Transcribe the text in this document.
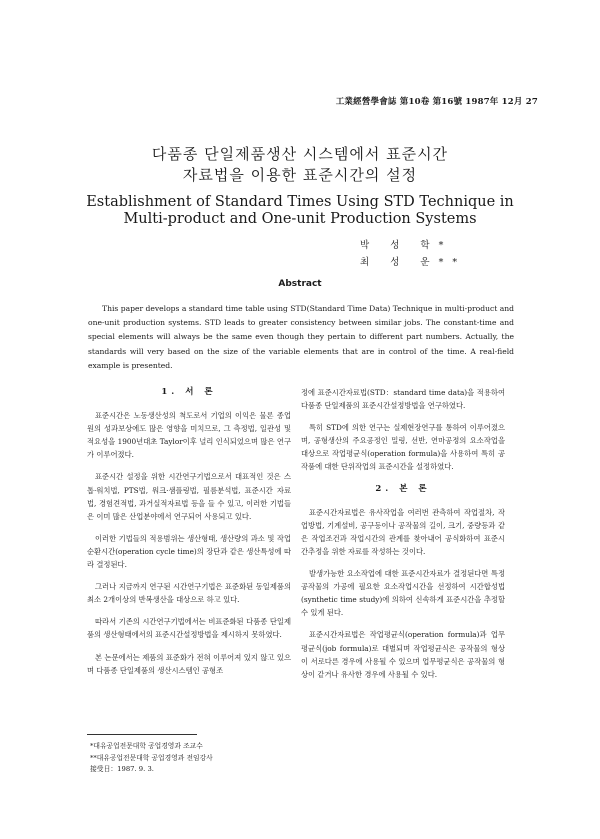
工業經營學會誌 第10卷 第16號 1987年 12月 27
다품종 단일제품생산 시스템에서 표준시간
자료법을 이용한 표준시간의 설정
Establishment of Standard Times Using STD Technique in
Multi-product and One-unit Production Systems
박 성 학*
최 성 운**
Abstract
This paper develops a standard time table using STD(Standard Time Data) Technique in multi-product and one-unit production systems. STD leads to greater consistency between similar jobs. The constant-time and special elements will always be the same even though they pertain to different part numbers. Actually, the standards will very based on the size of the variable elements that are in control of the time. A real-field example is presented.
1. 서 론

표준시간은 노동생산성의 척도로서 기업의 이익은 물론 종업원의 성과보상에도 많은 영향을 미치므로, 그 측정법, 일관성 및 적요성을 1900년대초 Taylor이후 널리 인식되었으며 많은 연구가 이루어졌다.

표준시간 설정을 위한 시간연구기법으로서 대표적인 것은 스톱·워치법, PTS법, 워크·샘플링법, 필름분석법, 표준시간 자료법, 경험견적법, 과거실적자료법 등을 들 수 있고, 이러한 기법들은 이미 많은 산업분야에서 연구되어 사용되고 있다.

이러한 기법들의 적용범위는 생산형태, 생산량의 과소 및 작업순환시간(operation cycle time)의 장단과 같은 생산특성에 따라 결정된다.

그러나 지금까지 연구된 시간연구기법은 표준화된 동일제품의 최소 2개이상의 반복생산을 대상으로 하고 있다.

따라서 기존의 시간연구기법에서는 비표준화된 다품종 단일제품의 생산형태에서의 표준시간설정방법을 제시하지 못하였다.

본 논문에서는 제품의 표준화가 전혀 이루어져 있지 않고 있으며 다품종 단일제품의 생산시스템인 공형조

정에 표준시간자료법(STD：standard time data)을 적용하여 다품종 단일제품의 표준시간설정방법을 연구하였다.

특히 STD에 의한 연구는 실제현장연구를 통하여 이루어졌으며, 공형생산의 주요공정인 밀링, 선반, 연마공정의 요소작업을 대상으로 작업평균식(operation formula)을 사용하여 특히 공작품에 대한 단위작업의 표준시간을 설정하였다.

2. 본 론

표준시간자료법은 유사작업을 여러번 관측하여 작업절차, 작업방법, 기계설비, 공구등이나 공작물의 길이, 크기, 중량등과 같은 작업조건과 작업시간의 관계를 찾아내어 공식화하여 표준시간추정을 위한 자료를 작성하는 것이다.

발생가능한 요소작업에 대한 표준시간자료가 결정된다면 특정공작물의 가공에 필요한 요소작업시간을 선정하여 시간합성법(synthetic time study)에 의하여 신속하게 표준시간을 추정할 수 있게 된다.

표준시간자료법은 작업평균식(operation formula)과 업무평균식(job formula)로 대별되며 작업평균식은 공작물의 형상이 서로다른 경우에 사용될 수 있으며 업무평균식은 공작물의 형상이 같거나 유사한 경우에 사용될 수 있다.

*대유공업전문대학 공업경영과 조교수
**대유공업전문대학 공업경영과 전임강사
接受日：1987. 9. 3.
